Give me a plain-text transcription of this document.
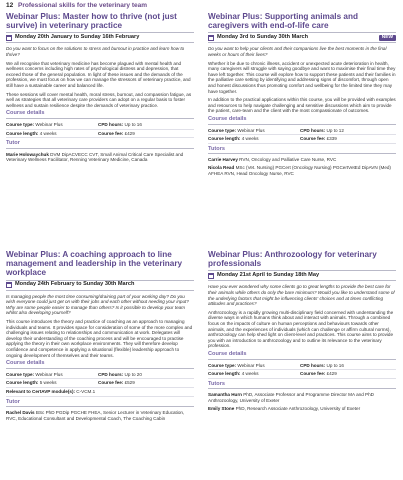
12 Professional skills for the veterinary team
Webinar Plus: Master how to thrive (not just survive) in veterinary practice
Monday 20th January to Sunday 16th February

Do you want to focus on the solutions to stress and burnout in practice and learn how to thrive?

We all recognise that veterinary medicine has become plagued with mental health and wellness concerns including high rates of psychological distress and depression, that exceed those of the general population. In light of these issues and the demands of the profession, we must focus on how we can manage the stressors of veterinary practice, and still have a sustainable career and balanced life.

These sessions will cover mental health, moral stress, burnout, and compassion fatigue, as well as strategies that all veterinary care providers can adopt on a regular basis to foster wellness and sustain resilience despite the demands of veterinary practice.

Course details
Course type: Webinar Plus	CPD hours: Up to 16
Course length: 4 weeks	Course fee: £429
Tutor
Marie Holowaychuk DVM DipACVECC CVT, Small Animal Critical Care Specialist and Veterinary Wellness Facilitator, Renning Veterinary Medicine, Canada
Webinar Plus: Supporting animals and caregivers with end-of-life care
Monday 3rd to Sunday 30th March	NEW

Do you want to help your clients and their companions live the best moments in the final weeks or hours of their lives?

Whether it be due to chronic illness, accident or unexpected acute deterioration in health, many caregivers will struggle with saying goodbye and want to maximise their final time they have left together. This course will explore how to support these patients and their families in the palliative care setting by identifying and addressing signs of discomfort, through open and honest discussions thus promoting comfort and wellbeing for the limited time they may have together.

In addition to the practical applications within this course, you will be provided with examples and resources to help navigate challenging and sensitive discussions which aim to provide the patient, care-team and the client with the most compassionate of outcomes.

Course details
Course type: Webinar Plus	CPD hours: Up to 12
Course length: 4 weeks	Course fee: £339
Tutors
Carrie Harvey RVN, Oncology and Palliative Care Nurse, RVC
Nicola Read MSc (Vet. Nursing) PGCert (Oncology Nursing) PGCertVetEd DipAVN (Med) AFHEA RVN, Head Oncology Nurse, RVC
Webinar Plus: A coaching approach to line management and leadership in the veterinary workplace
Monday 24th February to Sunday 30th March

Is managing people the most time consuming/draining part of your working day? Do you wish everyone could just get on with their jobs and each other without needing your input? Why are some people easier to manage than others? Is it possible to develop your team whilst also developing yourself?

This course introduces the theory and practice of coaching as an approach to managing individuals and teams. It provides space for consideration of some of the more complex and challenging issues relating to relationships and communication at work. Delegates will develop their understanding of the coaching process and will be encouraged to practise applying the theory in their own workplace environments. They will therefore develop confidence and competence in applying a situational (flexible) leadership approach to ongoing development of themselves and their teams.

Course details
Course type: Webinar Plus	CPD hours: Up to 20
Course length: 5 weeks	Course fee: £529
Relevant to CertAVP module(s): C-VCM.1
Tutor
Rachel Davis BSc PhD PGDip PGCHE FHEA, Senior Lecturer in Veterinary Education, RVC, Educational Consultant and Developmental Coach, The Coaching Cabin
Webinar Plus: Anthrozoology for veterinary professionals
Monday 21st April to Sunday 18th May

Have you ever wondered why some clients go to great lengths to provide the best care for their animals while others do only the bare minimum? Would you like to understand some of the underlying factors that might be influencing clients' choices and at times conflicting attitudes and practices?

Anthrozoology is a rapidly growing multi-disciplinary field concerned with understanding the diverse ways in which humans think about and interact with animals. Through a combined focus on the impacts of culture on human perceptions and behaviours towards other animals, and the experiences of individuals (which can challenge or affirm cultural norms), anthrozoology can help shed light on client-level and practices. This course aims to provide you with an introduction to anthrozoology and to outline its relevance to the veterinary profession.

Course details
Course type: Webinar Plus	CPD hours: Up to 16
Course length: 4 weeks	Course fee: £429
Tutors
Samantha Hurn PhD, Associate Professor and Programme Director MA and PhD Anthrozoology, University of Exeter
Emily Stone PhD, Research Associate Anthrozoology, University of Exeter
